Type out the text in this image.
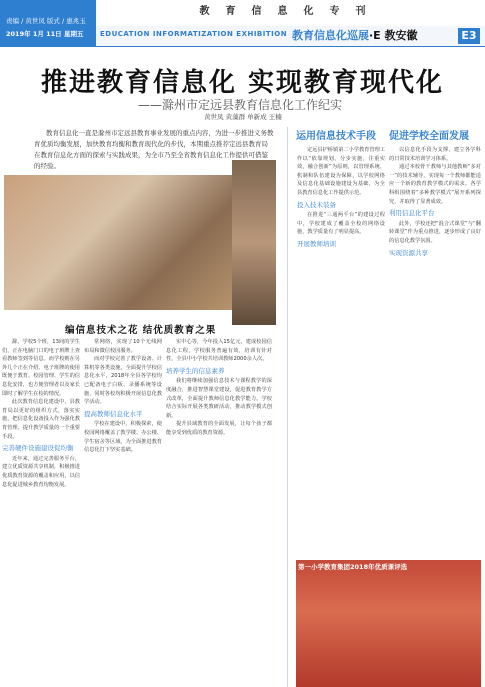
责编 / 黄世凤 版式 / 惠兆玉
2019年 1月 11日 星期五
教育信息化专刊
EDUCATION INFORMATIZATION EXHIBITION 教育信息化巡展·E 教安徽	E3
推进教育信息化 实现教育现代化
——滁州市定远县教育信息化工作纪实
黄世凤 黄藻群 单新成 王楠
教育信息化一直是滁州市定远县教育事业发展的重点内容，为进一步推进义务教育优质均衡发展，加快教育均衡和教育现代化的步伐，本期重点推荐定远县教育局在教育信息化方面的探索与实践成果，为全市乃至全省教育信息化工作提供可借鉴的经验。
编信息技术之花 结优质教育之果

滁，学校5个班，13间的学生们，正在电脑门口的电子班牌上查看教师签到等信息。而学校则在另外几个正在介绍。电子班牌的使用既便于教育、校园管理、学生的信息化安排，也方便管理者以及家长即时了解学生在校的情况。

此次教育信息化建设中，县教育局以更好的组织方式，落实实施，把信息化设备投入作为强化教育管理、提升教学质量的一个重要手段。

完善硬件设施建设促均衡

近年来，通过完善服务平台，建立优质资源共享机制，积极推进优质教育资源的覆盖和应用，以信息化促进城乡教育均衡发展。

常网络，实现了10个无线网布局和微信校园服务。

而对学校完善了教学设备、计算机等各类设施，全面提升学校信息化水平，2018年全县各学校均已配备电子白板、录播系统等设施，同时各校均积极开展信息化教学活动。

提高教师信息化水平

学校在建设中，积极探索，使校园网络覆盖了教学楼、办公楼、学生宿舍等区域，为全面推进教育信息化打下坚实基础。

实中心等，今年投入15亿元，建成校园信息化工程，学校服务普遍有效，培训有针对性，全县中小学校共培训教师2000余人次。

培养学生的信息素养

我们将继续加强信息技术与课程教学的深度融合，推进智慧课堂建设，促进教育教学方式改革，全面提升教师信息化教学能力。学校结合实际开展各类教研活动，推动教学模式创新。

提升县域教育的全面发展，让每个孩子都能享受到优质的教育资源。

运用信息技术手段 促进学校全面发展

定远县护桥镇第二小学教育管理工作以“依靠规划，分步实施，注重实效，融合创新”为原则，以管理系统、机制和队伍建设为保障，以学校网络及信息化基础设施建设为基础，为全县教育信息化工作提供示范。

投入技术装备

在推进“三通两平台”的建设过程中，学校建成了覆盖全校的网络设施，教学质量有了明显提高。

开展教师培训

以信息化手段为支撑，建立各学科的日常技术培训学习体系。

通过本校骨干教师与其他教师“多对一”的技术辅导，实现每一个教师都能适应一个新的教育教学模式的需求。各学科组围绕着“多种教学模式”展开系列探究，并取得了显著成效。

利用信息化平台

此外，学校还把“混合式课堂”与“翻转课堂”作为重点推进，逐步形成了良好的信息化教学氛围。

实现资源共享
第一小学教育集团2018年优质课评选
